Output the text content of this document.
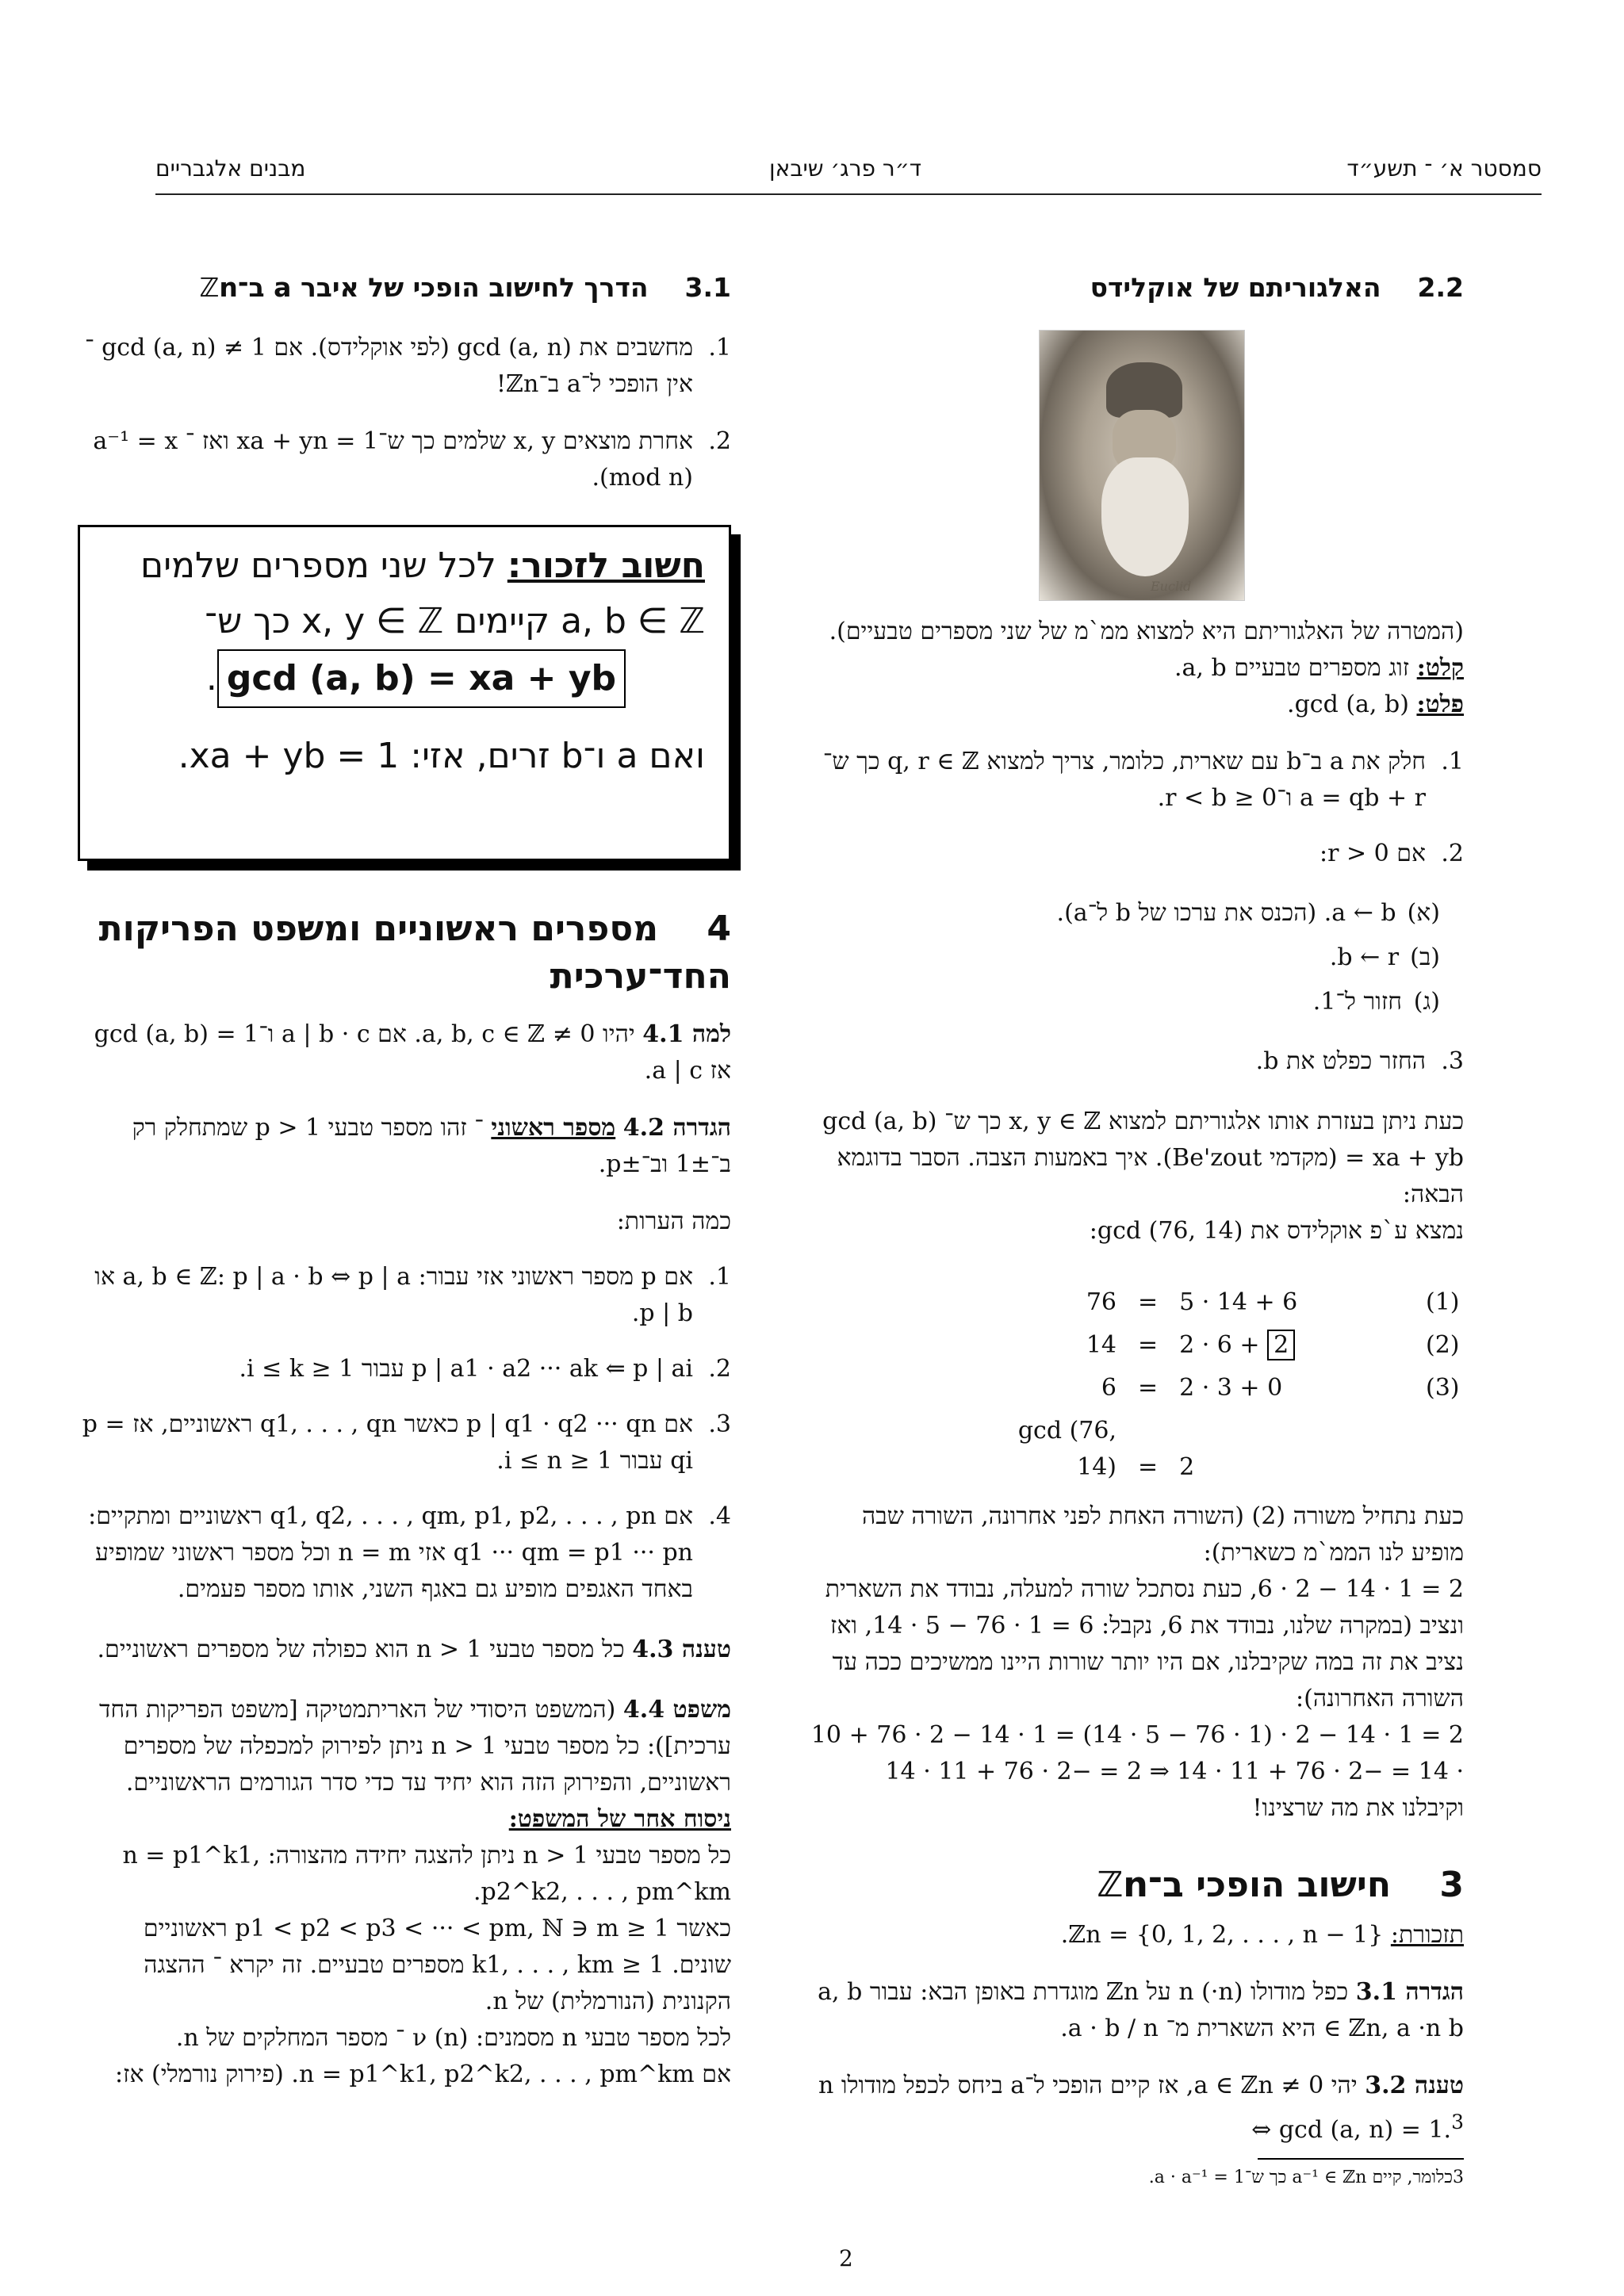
סמסטר א׳ ־ תשע״ד
ד״ר פרג׳ שיבאן
מבנים אלגבריים
2.2    האלגוריתם של אוקלידס
Euclid
(המטרה של האלגוריתם היא למצוא ממ`מ של שני מספרים טבעיים).
קלט: זוג מספרים טבעיים a, b.
פלט: gcd (a, b).
1.
חלק את a ב־b עם שארית, כלומר, צריך למצוא q, r ∈ ℤ כך ש־ a = qb + r ו־0 ≤ r < b.
2.
אם r > 0:
(א)
a ← b. (הכנס את ערכו של b ל־a).
(ב)
b ← r.
(ג)
חזור ל־1.
3.
החזר כפלט את b.
כעת ניתן בעזרת אותו אלגוריתם למצוא x, y ∈ ℤ כך ש־ gcd (a, b) = xa + yb (מקדמי Be'zout). איך באמעות הצבה. הסבר בדוגמא הבאה:
נמצא ע`פ אוקלידס את gcd (76, 14):
76 = 5 · 14 + 6	(1)
14 = 2 · 6 + 2	(2)
6 = 2 · 3 + 0	(3)
gcd (76, 14) = 2
כעת נתחיל משורה (2) (השורה האחת לפני אחרונה, השורה שבה מופיע לנו הממ`מ כשארית):
2 = 1 · 14 − 2 · 6, כעת נסתכל שורה למעלה, נבודד את השארית ונציב (במקרה שלנו, נבודד את 6, נקבל: 6 = 1 · 76 − 5 · 14, ואז נציב את זה במה שקיבלנו, אם היו יותר שורות היינו ממשיכים ככה עד השורה האחרונה):
2 = 1 · 14 − 2 · (1 · 76 − 5 · 14) = 1 · 14 − 2 · 76 + 10 · 14 = −2 · 76 + 11 · 14 ⇒ 2 = −2 · 76 + 11 · 14
וקיבלנו את מה שרצינו!
3    חישוב הופכי ב־ℤn
תזכורת: ℤn = {0, 1, 2, . . . , n − 1}.
הגדרה 3.1 כפל מודולו n (·n) על ℤn מוגדרת באופן הבא: עבור a, b ∈ ℤn, a ·n b היא השארית מ־ a · b / n.
טענה 3.2 יהי 0 ≠ a ∈ ℤn, אז קיים הופכי ל־a ביחס לכפל מודולו n ⇔ gcd (a, n) = 1.$^3$
3כלומר, קיים a⁻¹ ∈ ℤn כך ש־1 = a · a⁻¹.
3.1    הדרך לחישוב הופכי של איבר a ב־ℤn
1.
מחשבים את gcd (a, n) (לפי אוקלידס). אם gcd (a, n) ≠ 1 ־ אין הופכי ל־a ב־ℤn!
2.
אחרת מוצאים x, y שלמים כך ש־1 = xa + yn ואז ־ a⁻¹ = x (mod n).
חשוב לזכור: לכל שני מספרים שלמים
a, b ∈ ℤ קיימים x, y ∈ ℤ כך ש־
gcd (a, b) = xa + yb.
ואם a ו־b זרים, אזי: 1 = xa + yb.
4    מספרים ראשוניים ומשפט הפריקות החד־ערכית
למה 4.1 יהיו 0 ≠ a, b, c ∈ ℤ. אם a | b · c ו־gcd (a, b) = 1 אז a | c.
הגדרה 4.2 מספר ראשוני ־ זהו מספר טבעי p > 1 שמתחלק רק ב־1± וב־±p.
כמה הערות:
1.
אם p מספר ראשוני אזי עבור: a, b ∈ ℤ: p | a · b ⇔ p | a או p | b.
2.
p | a1 · a2 ··· ak ⇐ p | ai עבור 1 ≤ i ≤ k.
3.
אם p | q1 · q2 ··· qn כאשר q1, . . . , qn ראשוניים, אז p = qi עבור 1 ≤ i ≤ n.
4.
אם q1, q2, . . . , qm, p1, p2, . . . , pn ראשוניים ומתקיים: q1 ··· qm = p1 ··· pn אזי n = m וכל מספר ראשוני שמופיע באחד האגפים מופיע גם באגף השני, אותו מספר פעמים.
טענה 4.3 כל מספר טבעי n > 1 הוא כפולה של מספרים ראשוניים.
משפט 4.4 (המשפט היסודי של האריתמטיקה [משפט הפריקות החד ערכית]): כל מספר טבעי n > 1 ניתן לפירוק למכפלה של מספרים ראשוניים, והפירוק הזה הוא יחיד עד כדי סדר הגורמים הראשוניים.
ניסוח אחר של המשפט:
כל מספר טבעי n > 1 ניתן להצגה יחידה מהצורה: n = p1^k1, p2^k2, . . . , pm^km.
כאשר p1 < p2 < p3 < ··· < pm, ℕ ∋ m ≥ 1 ראשוניים שונים. k1, . . . , km ≥ 1 מספרים טבעיים. זה יקרא ־ ההצגה הקנונית (הנורמלית) של n.
לכל מספר טבעי n מסמנים: ν (n) ־ מספר המחלקים של n.
אם n = p1^k1, p2^k2, . . . , pm^km. (פירוק נורמלי) אז:
2
